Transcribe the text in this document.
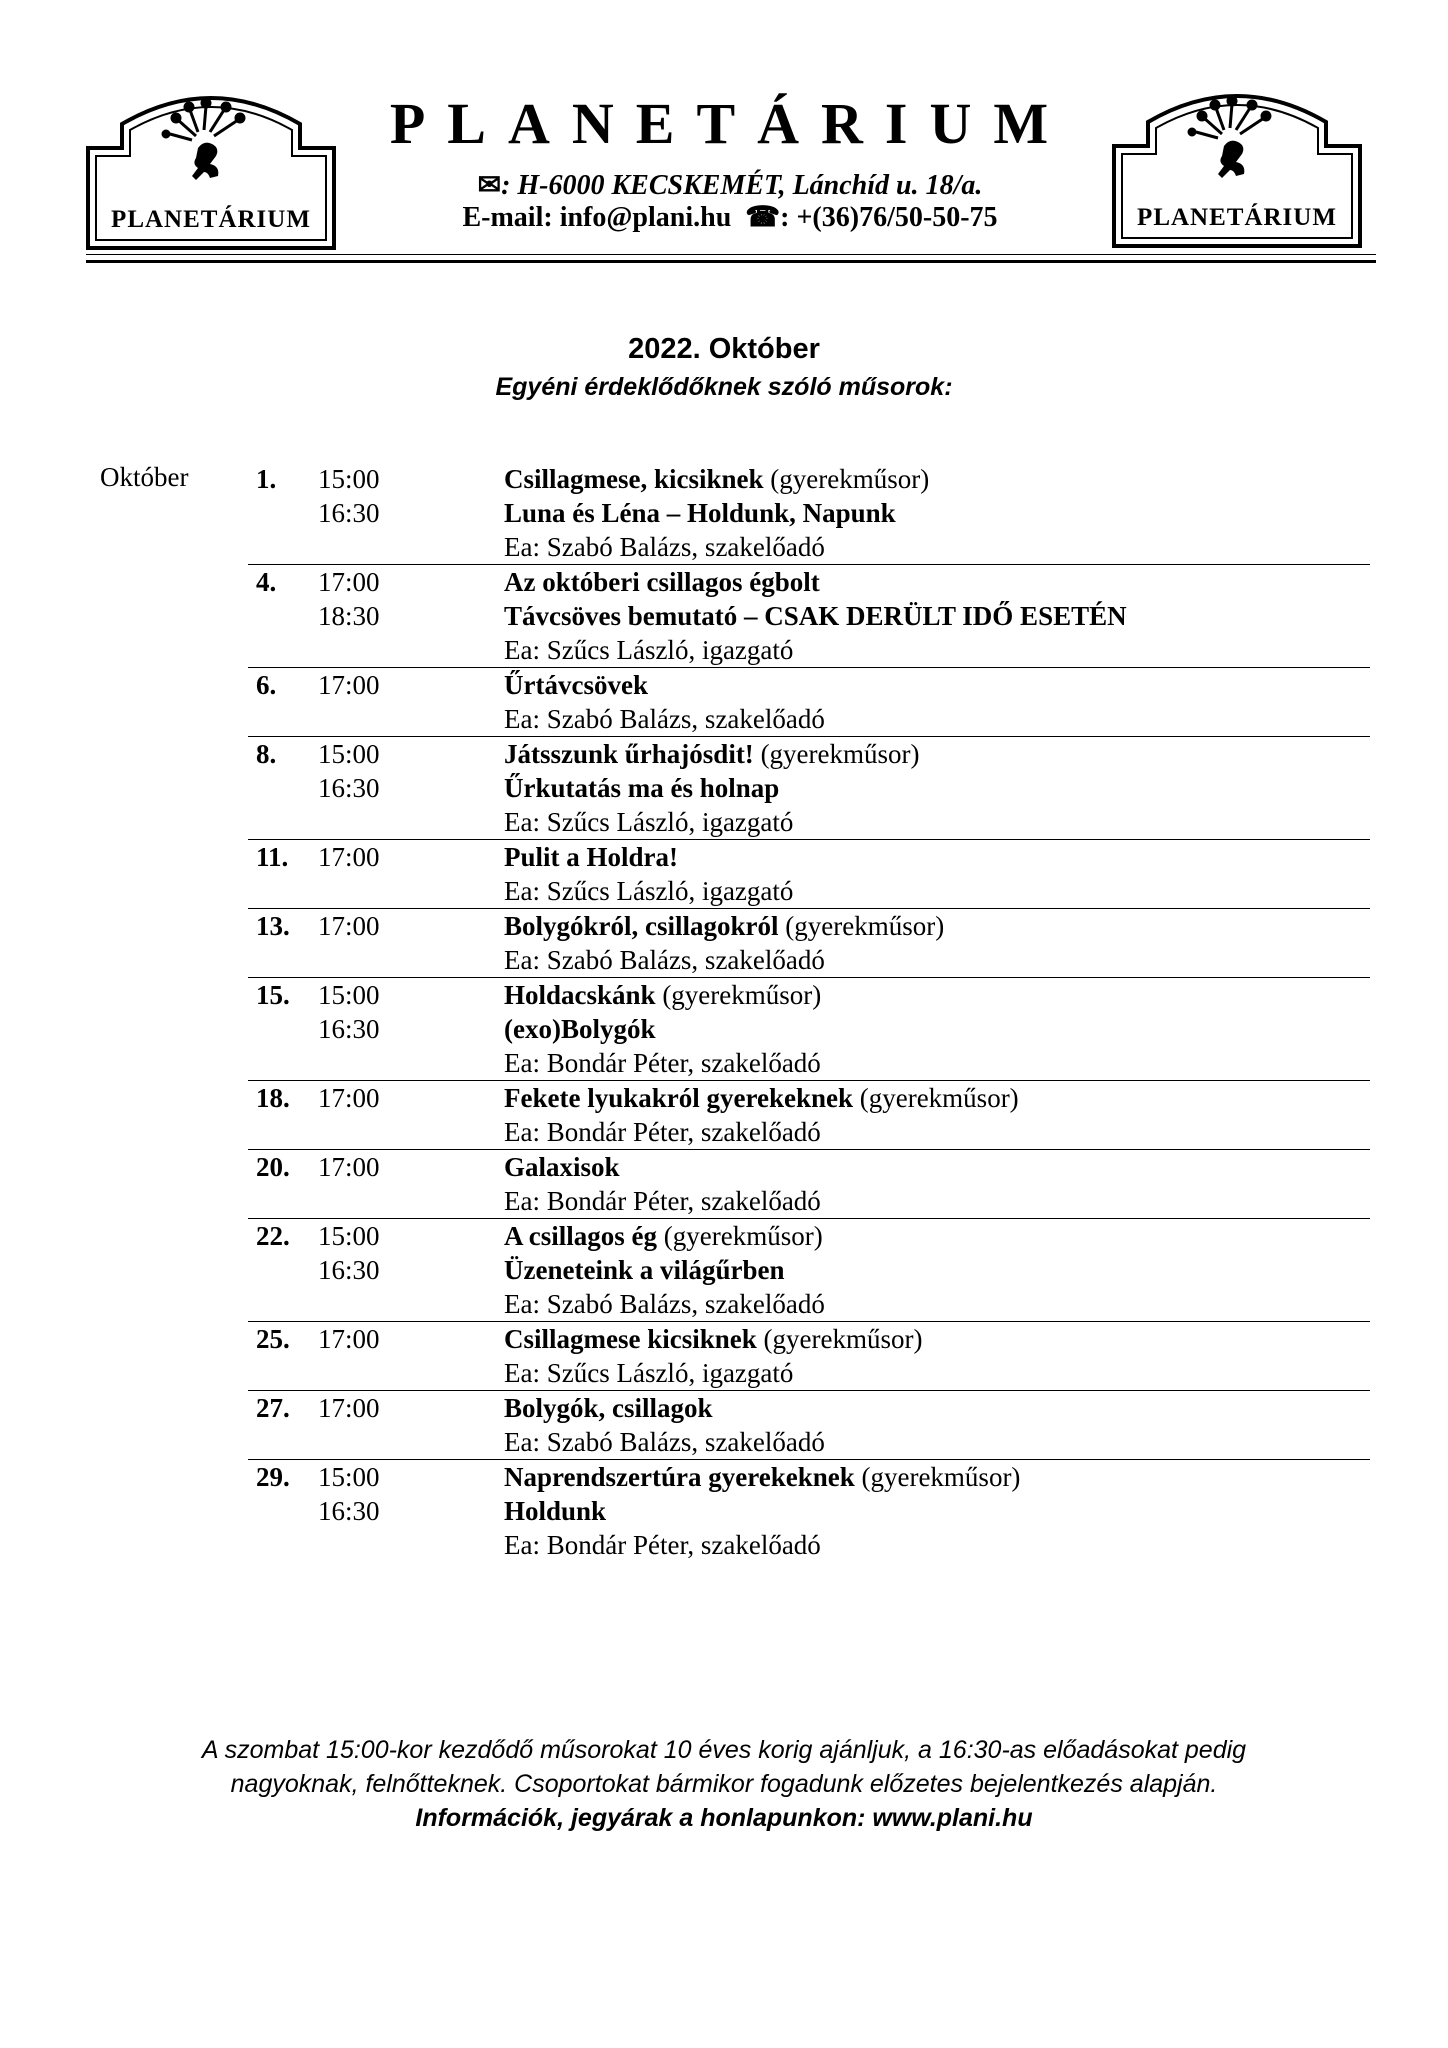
PLANETÁRIUM	PLANETÁRIUM
PLANETÁRIUM
✉: H-6000 KECSKEMÉT, Lánchíd u. 18/a.
E-mail: info@plani.hu ☎: +(36)76/50-50-75
2022. Október
Egyéni érdeklődőknek szóló műsorok:
Október	1. 15:00	Csillagmese, kicsiknek (gyerekműsor)
16:30	Luna és Léna – Holdunk, Napunk
Ea: Szabó Balázs, szakelőadó
4. 17:00	Az októberi csillagos égbolt
18:30	Távcsöves bemutató – CSAK DERÜLT IDŐ ESETÉN
Ea: Szűcs László, igazgató
6. 17:00	Űrtávcsövek
Ea: Szabó Balázs, szakelőadó
8. 15:00	Játsszunk űrhajósdit! (gyerekműsor)
16:30	Űrkutatás ma és holnap
Ea: Szűcs László, igazgató
11. 17:00	Pulit a Holdra!
Ea: Szűcs László, igazgató
13. 17:00	Bolygókról, csillagokról (gyerekműsor)
Ea: Szabó Balázs, szakelőadó
15. 15:00	Holdacskánk (gyerekműsor)
16:30	(exo)Bolygók
Ea: Bondár Péter, szakelőadó
18. 17:00	Fekete lyukakról gyerekeknek (gyerekműsor)
Ea: Bondár Péter, szakelőadó
20. 17:00	Galaxisok
Ea: Bondár Péter, szakelőadó
22. 15:00	A csillagos ég (gyerekműsor)
16:30	Üzeneteink a világűrben
Ea: Szabó Balázs, szakelőadó
25. 17:00	Csillagmese kicsiknek (gyerekműsor)
Ea: Szűcs László, igazgató
27. 17:00	Bolygók, csillagok
Ea: Szabó Balázs, szakelőadó
29. 15:00	Naprendszertúra gyerekeknek (gyerekműsor)
16:30	Holdunk
Ea: Bondár Péter, szakelőadó
A szombat 15:00-kor kezdődő műsorokat 10 éves korig ajánljuk, a 16:30-as előadásokat pedig
nagyoknak, felnőtteknek. Csoportokat bármikor fogadunk előzetes bejelentkezés alapján.
Információk, jegyárak a honlapunkon: www.plani.hu
